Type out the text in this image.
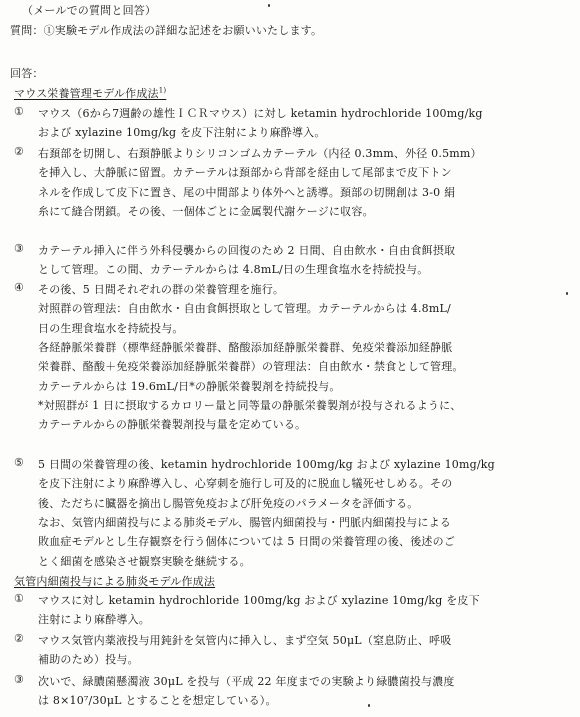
（メールでの質問と回答）
質問：①実験モデル作成法の詳細な記述をお願いいたします。
回答：
マウス栄養管理モデル作成法$^{1)}$
① マウス（6から7週齢の雄性ＩＣＲマウス）に対し ketamin hydrochloride 100mg/kg
および xylazine 10mg/kg を皮下注射により麻酔導入。
② 右頚部を切開し、右頚静脈よりシリコンゴムカテーテル（内径 0.3mm、外径 0.5mm）
を挿入し、大静脈に留置。カテーテルは頚部から背部を経由して尾部まで皮下トン
ネルを作成して皮下に置き、尾の中間部より体外へと誘導。頚部の切開創は 3-0 絹
糸にて縫合閉鎖。その後、一個体ごとに金属製代謝ケージに収容。
③ カテーテル挿入に伴う外科侵襲からの回復のため 2 日間、自由飲水・自由食餌摂取
として管理。この間、カテーテルからは 4.8mL/日の生理食塩水を持続投与。
④ その後、5 日間それぞれの群の栄養管理を施行。
対照群の管理法：自由飲水・自由食餌摂取として管理。カテーテルからは 4.8mL/
日の生理食塩水を持続投与。
各経静脈栄養群（標準経静脈栄養群、酪酸添加経静脈栄養群、免疫栄養添加経静脈
栄養群、酪酸＋免疫栄養添加経静脈栄養群）の管理法：自由飲水・禁食として管理。
カテーテルからは 19.6mL/日*の静脈栄養製剤を持続投与。
*対照群が 1 日に摂取するカロリー量と同等量の静脈栄養製剤が投与されるように、
カテーテルからの静脈栄養製剤投与量を定めている。
⑤ 5 日間の栄養管理の後、ketamin hydrochloride 100mg/kg および xylazine 10mg/kg
を皮下注射により麻酔導入し、心穿刺を施行し可及的に脱血し犠死せしめる。その
後、ただちに臓器を摘出し腸管免疫および肝免疫のパラメータを評価する。
なお、気管内細菌投与による肺炎モデル、腸管内細菌投与・門脈内細菌投与による
敗血症モデルとし生存観察を行う個体については 5 日間の栄養管理の後、後述のご
とく細菌を感染させ観察実験を継続する。
気管内細菌投与による肺炎モデル作成法
① マウスに対し ketamin hydrochloride 100mg/kg および xylazine 10mg/kg を皮下
注射により麻酔導入。
② マウス気管内薬液投与用鈍針を気管内に挿入し、まず空気 50μL（窒息防止、呼吸
補助のため）投与。
③ 次いで、緑膿菌懸濁液 30μL を投与（平成 22 年度までの実験より緑膿菌投与濃度
は 8×10⁷/30μL とすることを想定している）。
